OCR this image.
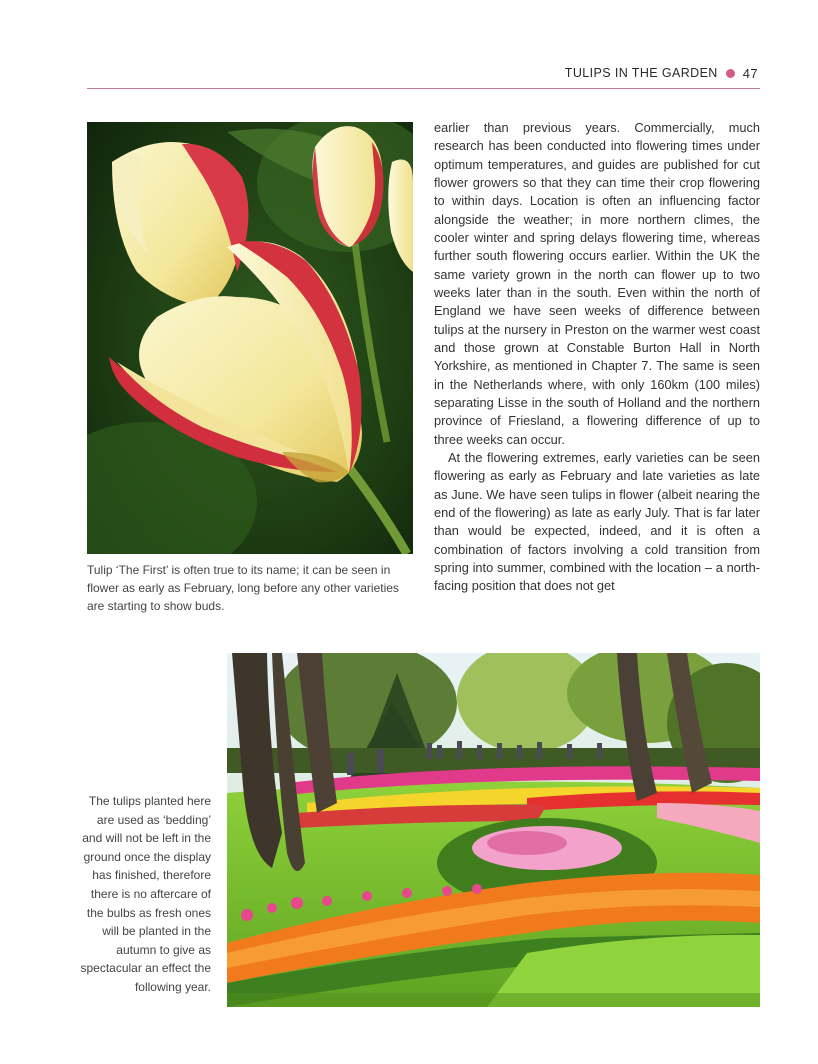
TULIPS IN THE GARDEN 47
Tulip ‘The First’ is often true to its name; it can be seen in flower as early as February, long before any other varieties are starting to show buds.

earlier than previous years. Commercially, much research has been conducted into flowering times under optimum temperatures, and guides are published for cut flower growers so that they can time their crop flowering to within days. Location is often an influencing factor alongside the weather; in more northern climes, the cooler winter and spring delays flowering time, whereas further south flowering occurs earlier. Within the UK the same variety grown in the north can flower up to two weeks later than in the south. Even within the north of England we have seen weeks of difference between tulips at the nursery in Preston on the warmer west coast and those grown at Constable Burton Hall in North Yorkshire, as mentioned in Chapter 7. The same is seen in the Netherlands where, with only 160km (100 miles) separating Lisse in the south of Holland and the northern province of Friesland, a flowering difference of up to three weeks can occur.

At the flowering extremes, early varieties can be seen flowering as early as February and late varieties as late as June. We have seen tulips in flower (albeit nearing the end of the flowering) as late as early July. That is far later than would be expected, indeed, and it is often a combination of factors involving a cold transition from spring into summer, combined with the location – a north-facing position that does not get

The tulips planted here are used as ‘bedding’ and will not be left in the ground once the display has finished, therefore there is no aftercare of the bulbs as fresh ones will be planted in the autumn to give as spectacular an effect the following year.
